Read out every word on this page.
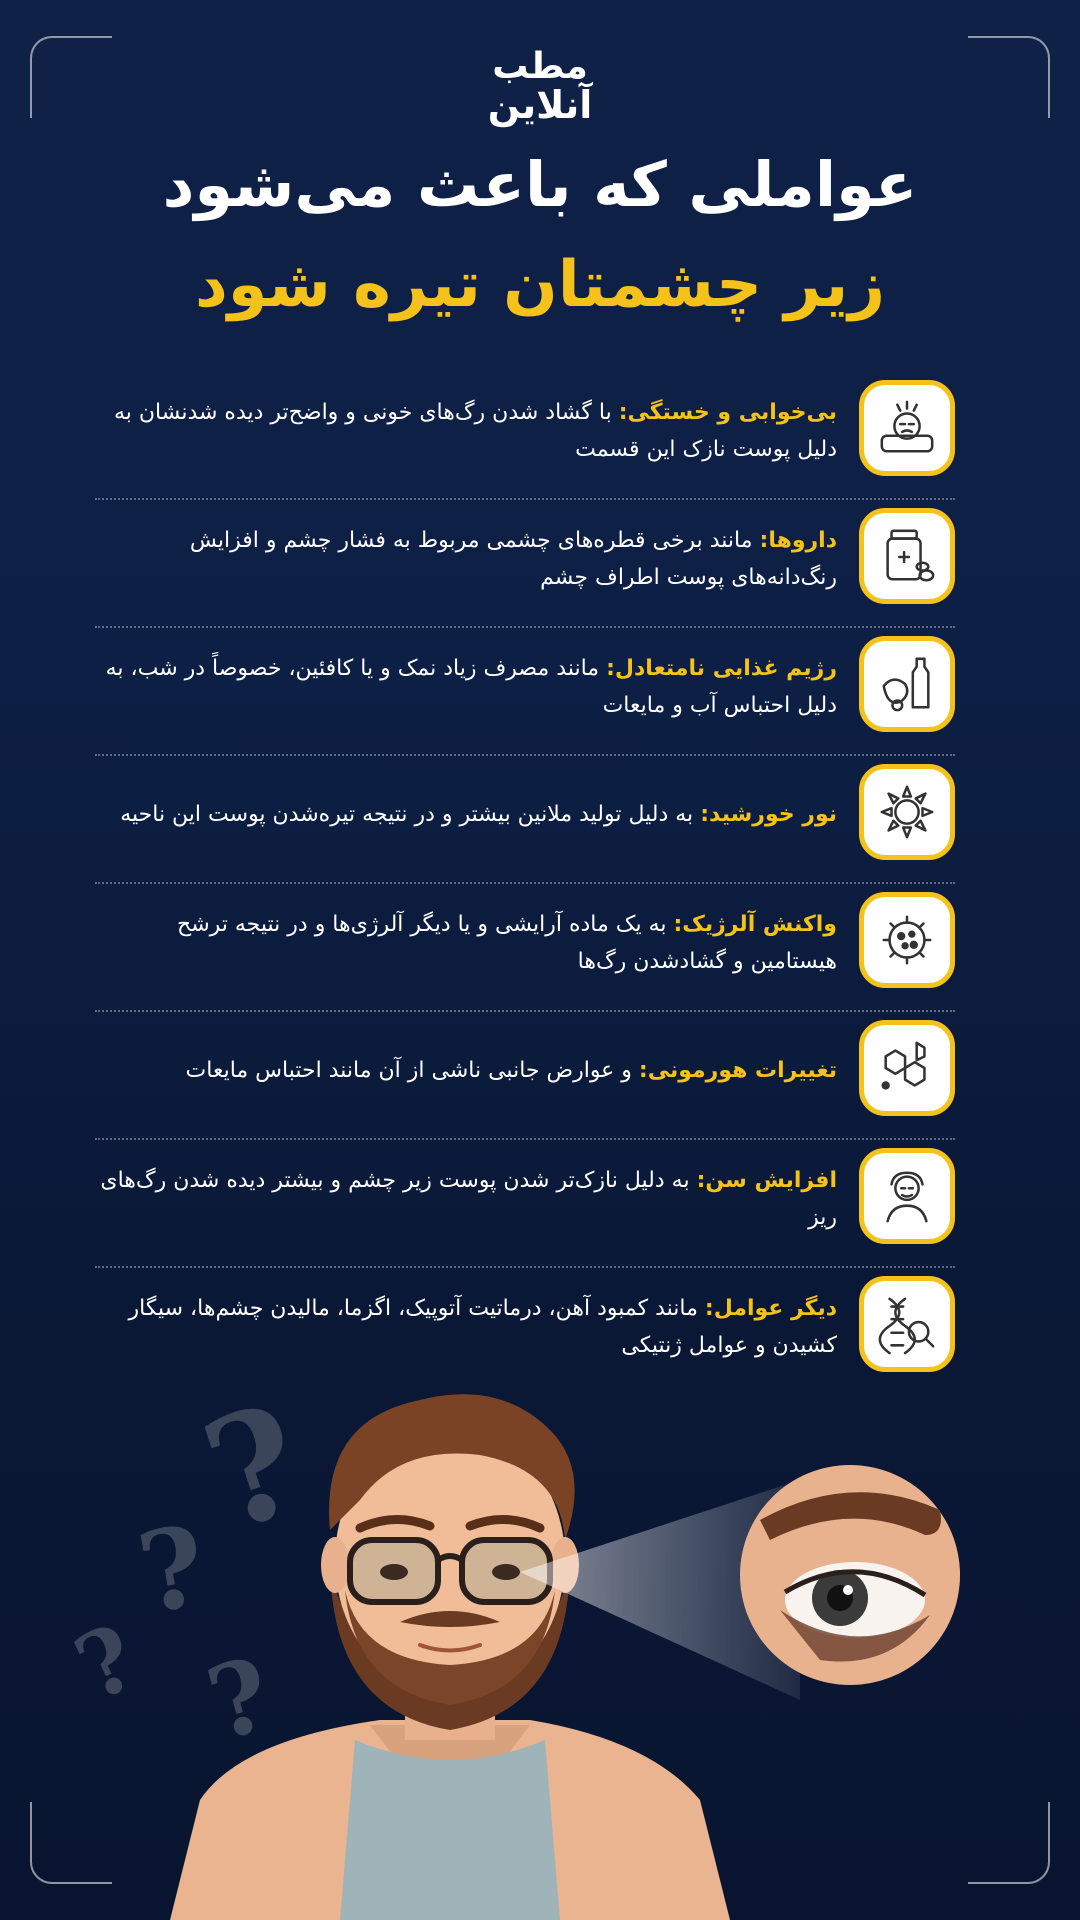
مطب
آنلاین
عواملی که باعث می‌شود
زیر چشمتان تیره شود

بی‌خوابی و خستگی: با گشاد شدن رگ‌های خونی و واضح‌تر دیده شدنشان به دلیل پوست نازک این قسمت

داروها: مانند برخی قطره‌های چشمی مربوط به فشار چشم و افزایش رنگ‌دانه‌های پوست اطراف چشم

رژیم غذایی نامتعادل: مانند مصرف زیاد نمک و یا کافئین، خصوصاً در شب، به دلیل احتباس آب و مایعات

نور خورشید: به دلیل تولید ملانین بیشتر و در نتیجه تیره‌شدن پوست این ناحیه

واکنش آلرژیک: به یک ماده آرایشی و یا دیگر آلرژی‌ها و در نتیجه ترشح هیستامین و گشادشدن رگ‌ها

تغییرات هورمونی: و عوارض جانبی ناشی از آن مانند احتباس مایعات

افزایش سن: به دلیل نازک‌تر شدن پوست زیر چشم و بیشتر دیده شدن رگ‌های ریز

دیگر عوامل: مانند کمبود آهن، درماتیت آتوپیک، اگزما، مالیدن چشم‌ها، سیگار کشیدن و عوامل ژنتیکی

?
?
? ?
